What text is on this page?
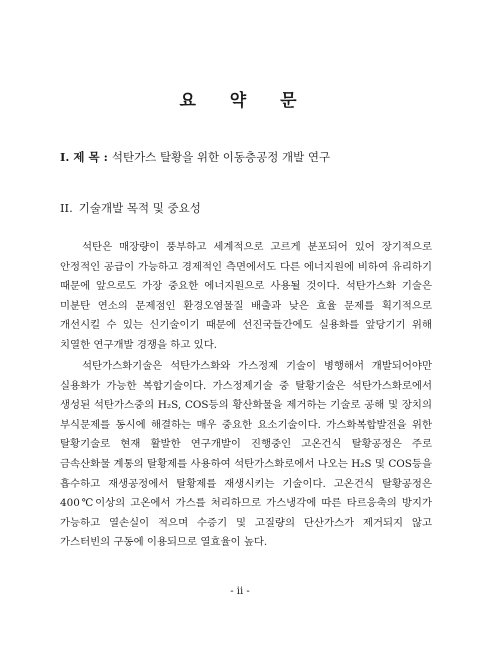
요 약 문
I. 제 목 : 석탄가스 탈황을 위한 이동층공정 개발 연구
II. 기술개발 목적 및 중요성
석탄은 매장량이 풍부하고 세계적으로 고르게 분포되어 있어 장기적으로 안정적인 공급이 가능하고 경제적인 측면에서도 다른 에너지원에 비하여 유리하기 때문에 앞으로도 가장 중요한 에너지원으로 사용될 것이다. 석탄가스화 기술은 미분탄 연소의 문제점인 환경오염물질 배출과 낮은 효율 문제를 획기적으로 개선시킬 수 있는 신기술이기 때문에 선진국들간에도 실용화를 앞당기기 위해 치열한 연구개발 경쟁을 하고 있다.
석탄가스화기술은 석탄가스화와 가스정제 기술이 병행해서 개발되어야만 실용화가 가능한 복합기술이다. 가스정제기술 중 탈황기술은 석탄가스화로에서 생성된 석탄가스중의 H₂S, COS등의 황산화물을 제거하는 기술로 공해 및 장치의 부식문제를 동시에 해결하는 매우 중요한 요소기술이다. 가스화복합발전을 위한 탈황기술로 현재 활발한 연구개발이 진행중인 고온건식 탈황공정은 주로 금속산화물 계통의 탈황제를 사용하여 석탄가스화로에서 나오는 H₂S 및 COS등을 흡수하고 재생공정에서 탈황제를 재생시키는 기술이다. 고온건식 탈황공정은 400℃이상의 고온에서 가스를 처리하므로 가스냉각에 따른 타르응축의 방지가 가능하고 열손실이 적으며 수증기 및 고질량의 단산가스가 제거되지 않고 가스터빈의 구동에 이용되므로 열효율이 높다.
- ii -
